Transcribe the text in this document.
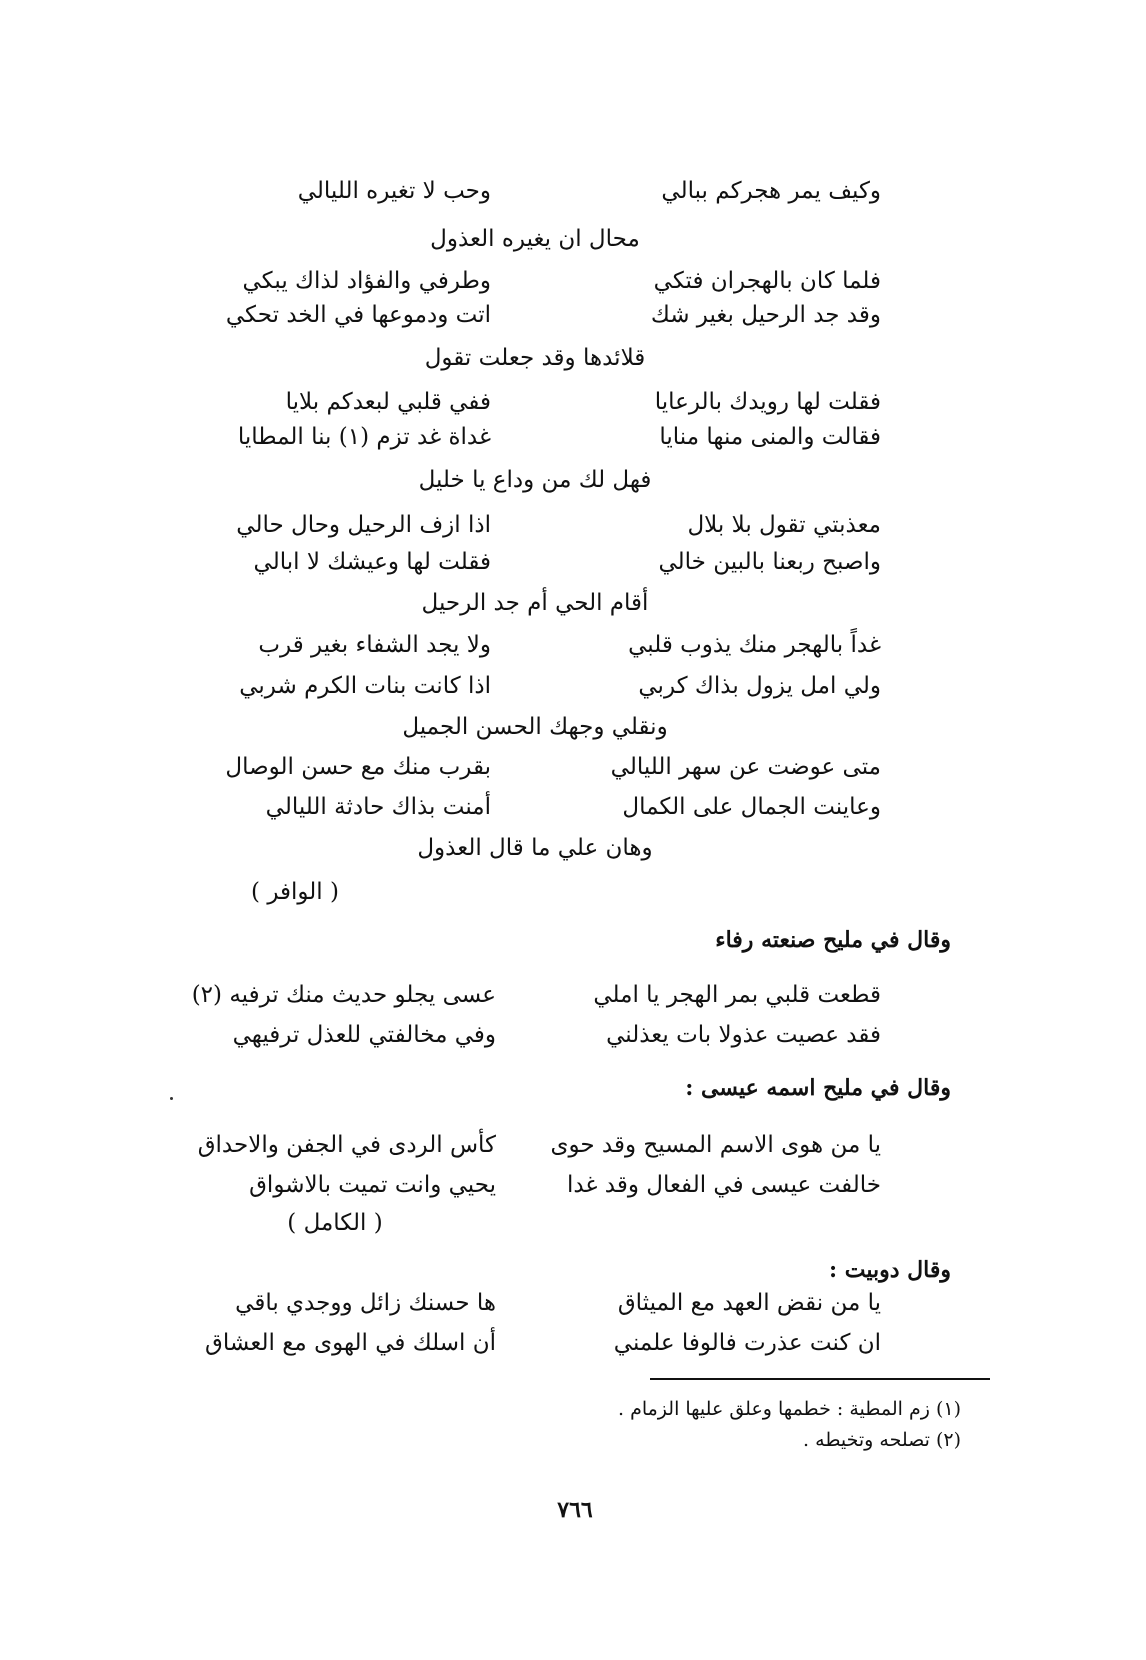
وكيف يمر هجركم ببالي
وحب لا تغيره الليالي
محال ان يغيره العذول
فلما كان بالهجران فتكي
وطرفي والفؤاد لذاك يبكي
وقد جد الرحيل بغير شك
اتت ودموعها في الخد تحكي
قلائدها وقد جعلت تقول
فقلت لها رويدك بالرعايا
ففي قلبي لبعدكم بلايا
فقالت والمنى منها منايا
غداة غد تزم (١) بنا المطايا
فهل لك من وداع يا خليل
معذبتي تقول بلا بلال
اذا ازف الرحيل وحال حالي
واصبح ربعنا بالبين خالي
فقلت لها وعيشك لا ابالي
أقام الحي أم جد الرحيل
غداً بالهجر منك يذوب قلبي
ولا يجد الشفاء بغير قرب
ولي امل يزول بذاك كربي
اذا كانت بنات الكرم شربي
ونقلي وجهك الحسن الجميل
متى عوضت عن سهر الليالي
بقرب منك مع حسن الوصال
وعاينت الجمال على الكمال
أمنت بذاك حادثة الليالي
وهان علي ما قال العذول
( الوافر )
وقال في مليح صنعته رفاء
قطعت قلبي بمر الهجر يا املي
عسى يجلو حديث منك ترفيه (٢)
فقد عصيت عذولا بات يعذلني
وفي مخالفتي للعذل ترفيهي
وقال في مليح اسمه عيسى :
يا من هوى الاسم المسيح وقد حوى
كأس الردى في الجفن والاحداق
خالفت عيسى في الفعال وقد غدا
يحيي وانت تميت بالاشواق
( الكامل )
وقال دوبيت :
يا من نقض العهد مع الميثاق
ها حسنك زائل ووجدي باقي
ان كنت عذرت فالوفا علمني
أن اسلك في الهوى مع العشاق
(١) زم المطية : خطمها وعلق عليها الزمام .
(٢) تصلحه وتخيطه .
٧٦٦
